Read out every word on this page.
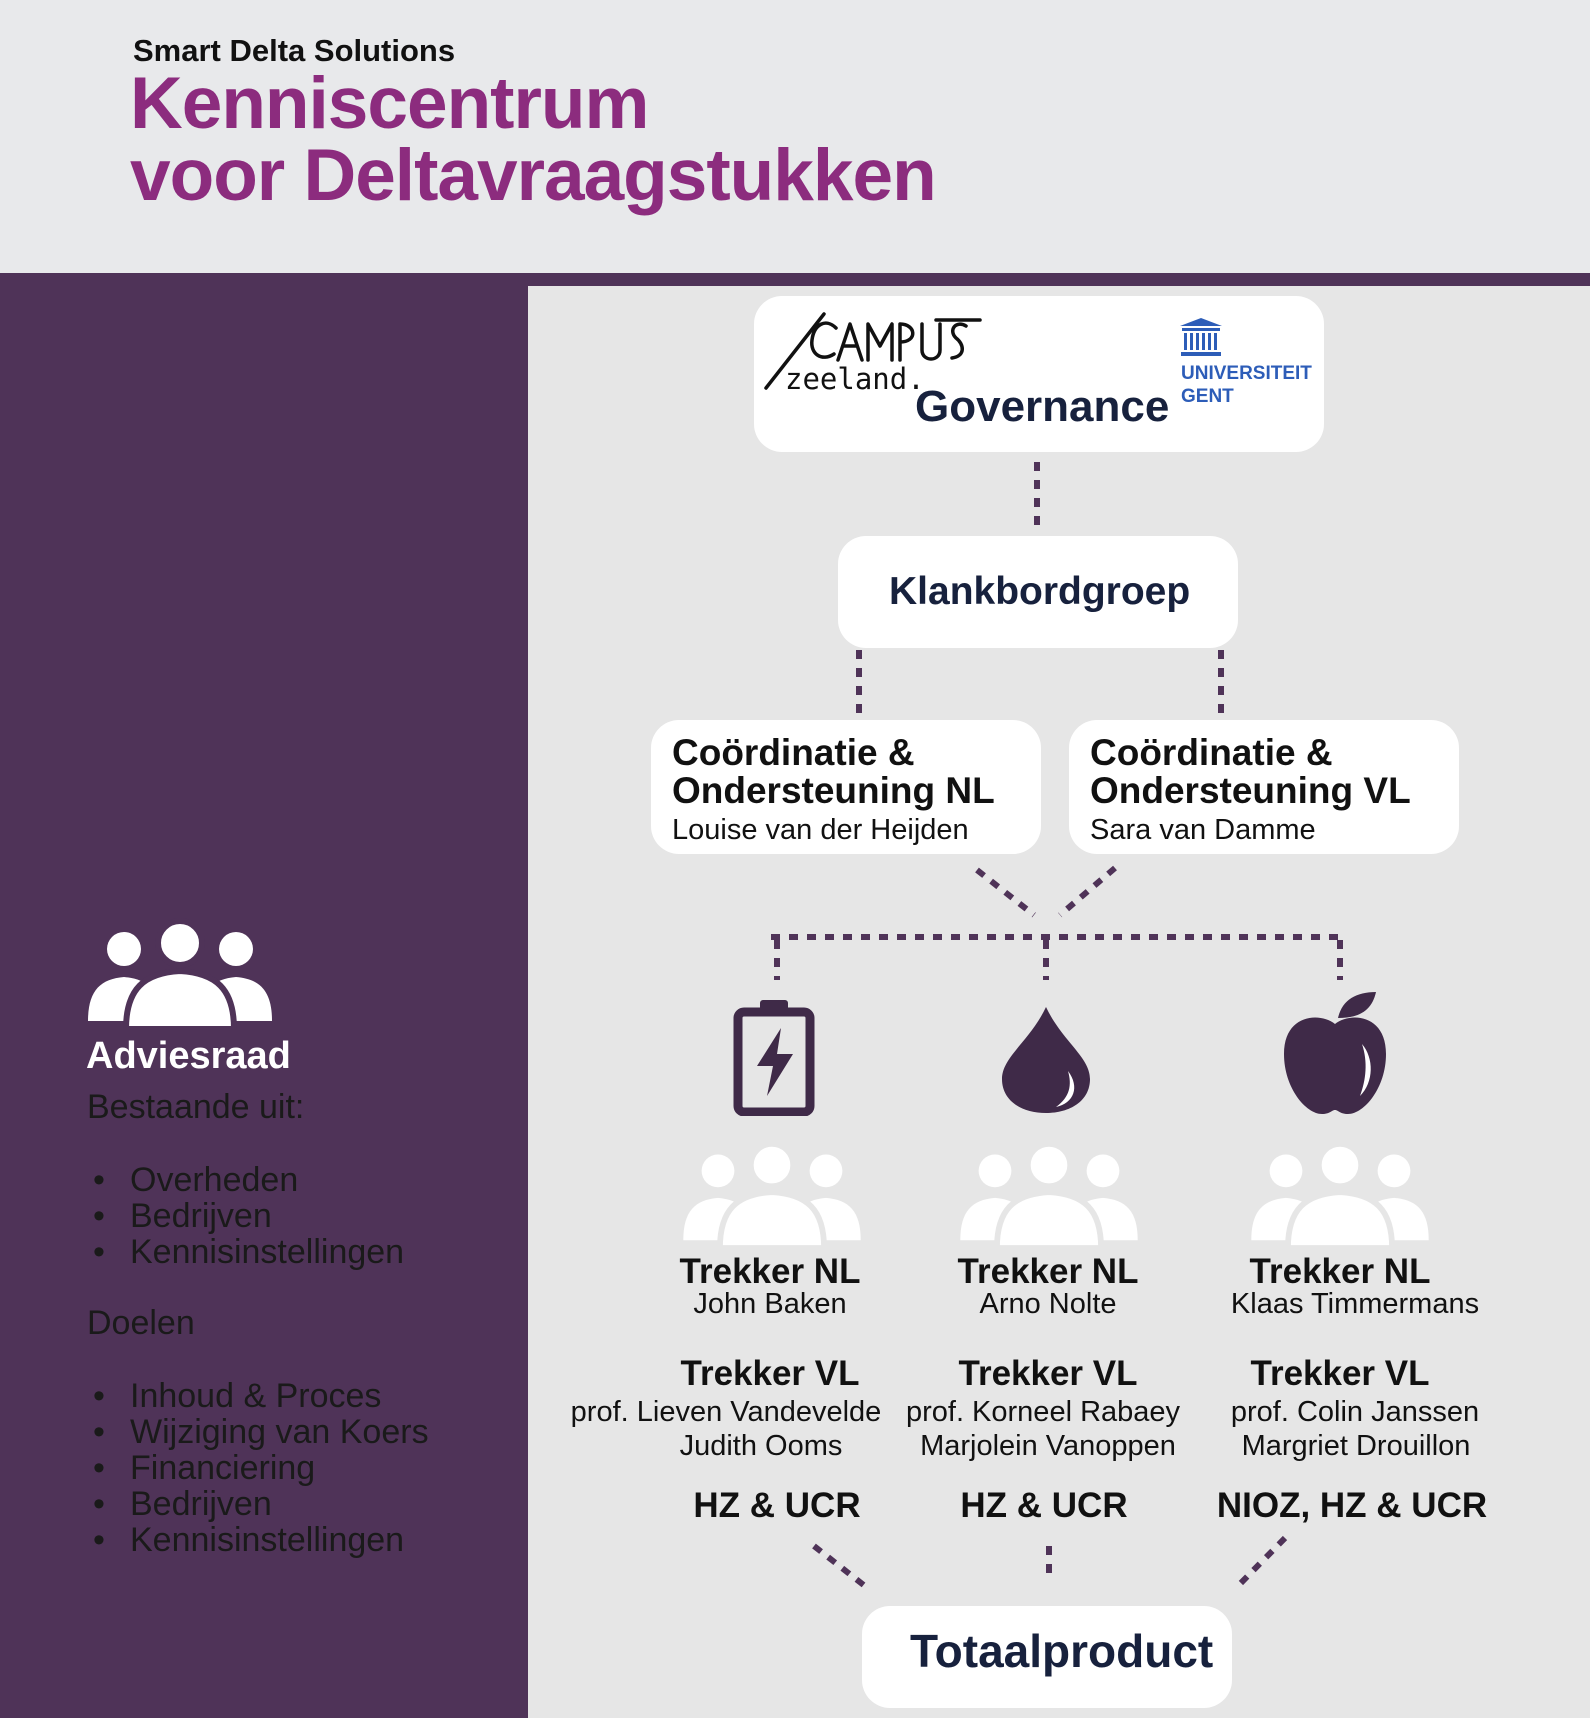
Smart Delta Solutions
Kenniscentrum
voor Deltavraagstukken
Adviesraad
Bestaande uit:
• Overheden
• Bedrijven
• Kennisinstellingen
Doelen
• Inhoud & Proces
• Wijziging van Koers
• Financiering
• Bedrijven
• Kennisinstellingen
zeeland.	UNIVERSITEIT
GENT
Governance
Klankbordgroep
Coördinatie &
Ondersteuning NL
Louise van der Heijden
Coördinatie &
Ondersteuning VL
Sara van Damme
Trekker NL
John Baken
Trekker VL
prof. Lieven Vandevelde
Judith Ooms
HZ & UCR
Trekker NL
Arno Nolte
Trekker VL
prof. Korneel Rabaey
Marjolein Vanoppen
HZ & UCR
Trekker NL
Klaas Timmermans
Trekker VL
prof. Colin Janssen
Margriet Drouillon
NIOZ, HZ & UCR
Totaalproduct
